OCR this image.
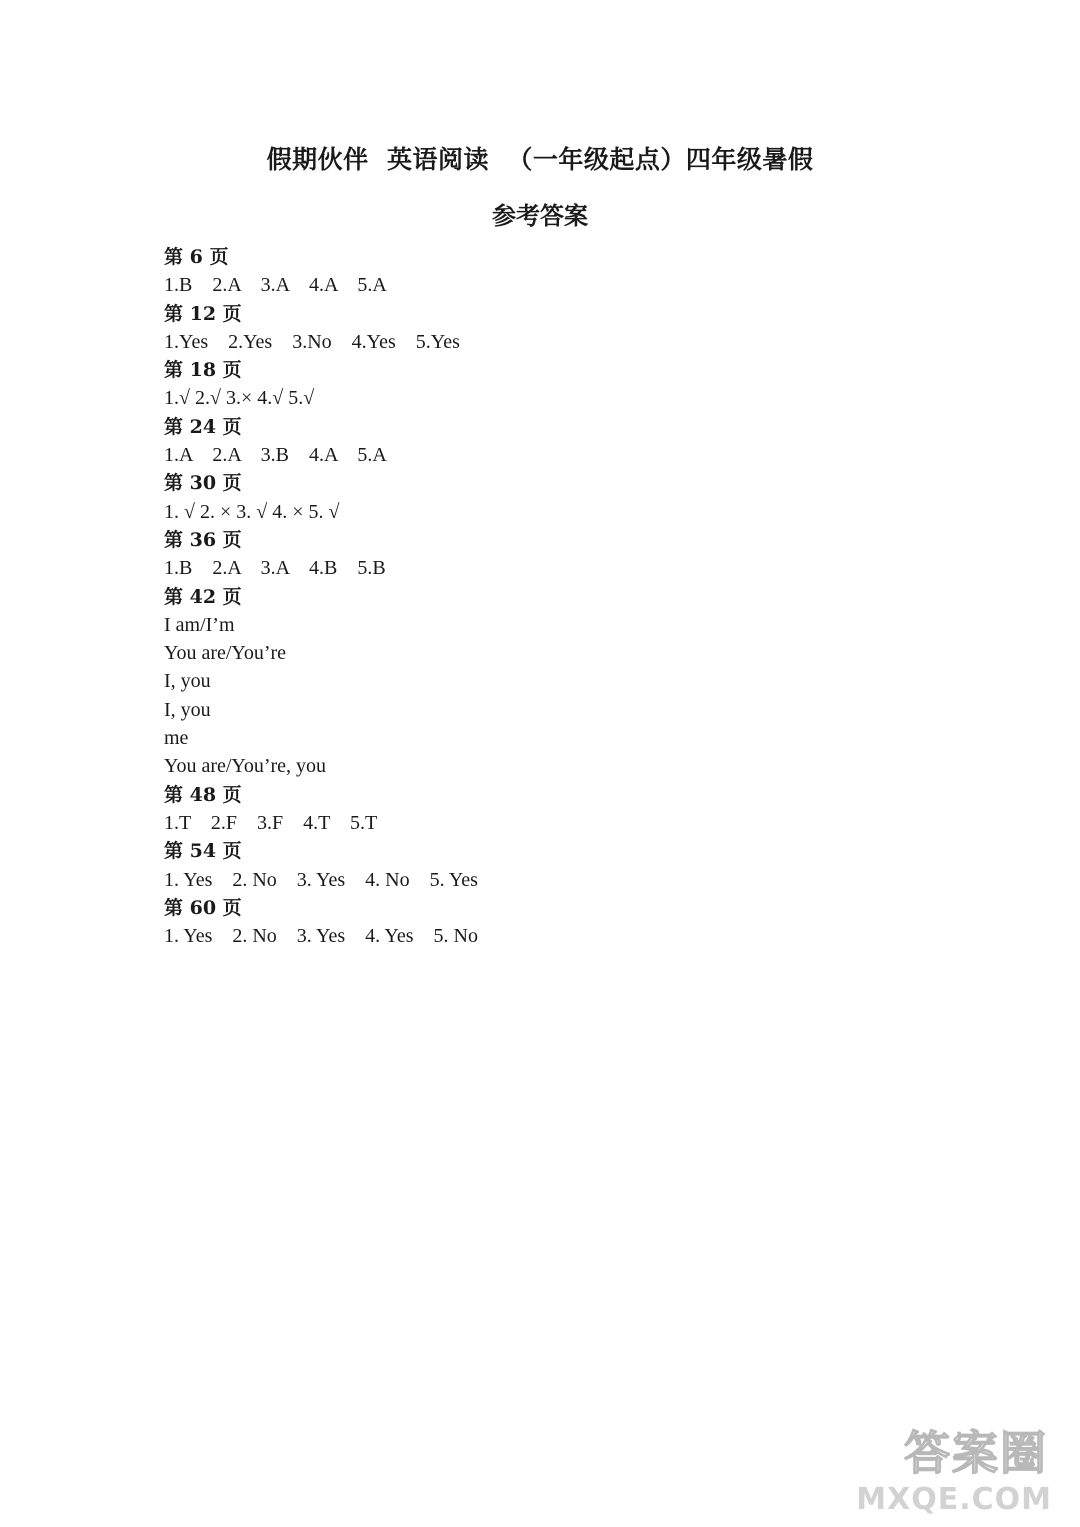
假期伙伴  英语阅读  （一年级起点）四年级暑假
参考答案
第 6 页
1.B    2.A    3.A    4.A    5.A
第 12 页
1.Yes    2.Yes    3.No    4.Yes    5.Yes
第 18 页
1.√ 2.√ 3.× 4.√ 5.√
第 24 页
1.A    2.A    3.B    4.A    5.A
第 30 页
1. √ 2. × 3. √ 4. × 5. √
第 36 页
1.B    2.A    3.A    4.B    5.B
第 42 页
I am/I’m
You are/You’re
I, you
I, you
me
You are/You’re, you
第 48 页
1.T    2.F    3.F    4.T    5.T
第 54 页
1. Yes    2. No    3. Yes    4. No    5. Yes
第 60 页
1. Yes    2. No    3. Yes    4. Yes    5. No
答案圈
MXQE.COM
